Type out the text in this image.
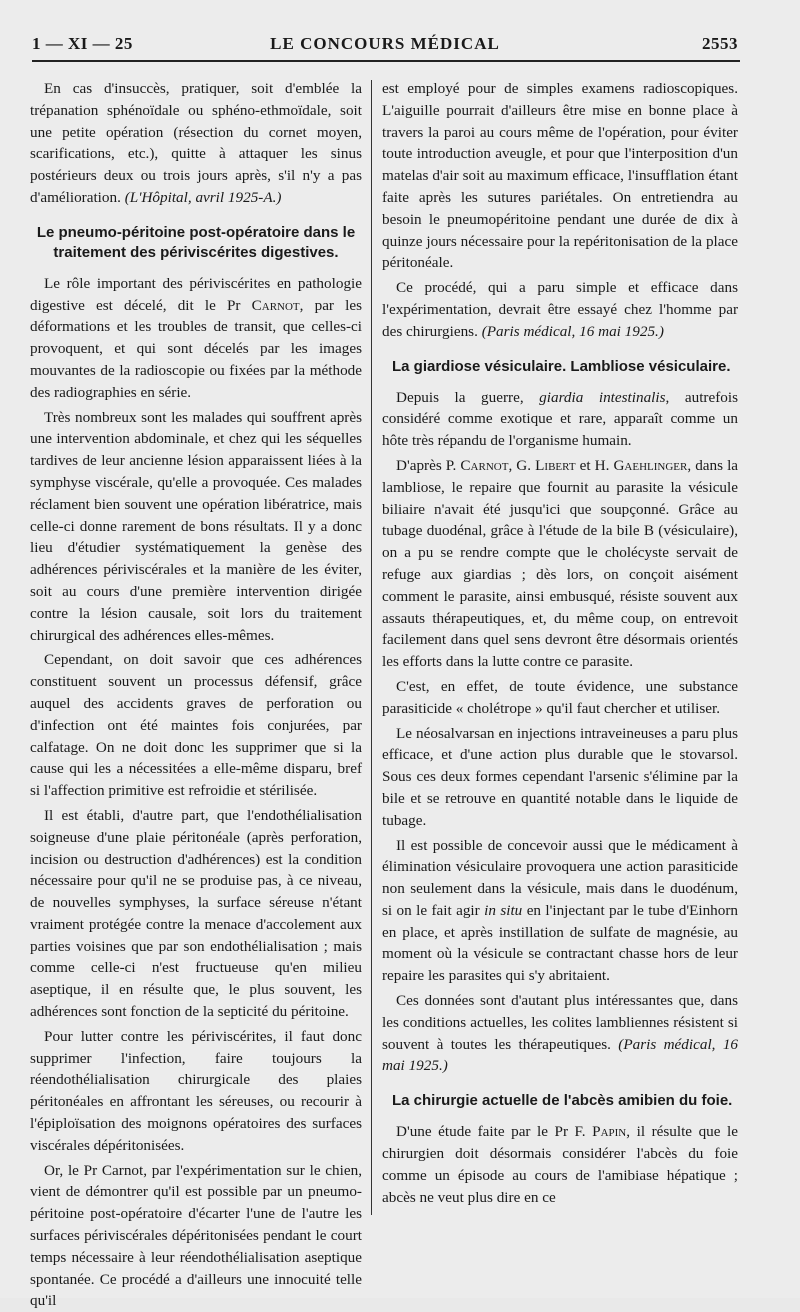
1 — XI — 25	LE CONCOURS MÉDICAL	2553

En cas d'insuccès, pratiquer, soit d'emblée la trépanation sphénoïdale ou sphéno-ethmoïdale, soit une petite opération (résection du cornet moyen, scarifications, etc.), quitte à attaquer les sinus postérieurs deux ou trois jours après, s'il n'y a pas d'amélioration. (L'Hôpital, avril 1925-A.)

Le pneumo-péritoine post-opératoire dans le traitement des périviscérites digestives.

Le rôle important des périviscérites en pathologie digestive est décelé, dit le Pr Carnot, par les déformations et les troubles de transit, que celles-ci provoquent, et qui sont décelés par les images mouvantes de la radioscopie ou fixées par la méthode des radiographies en série.

Très nombreux sont les malades qui souffrent après une intervention abdominale, et chez qui les séquelles tardives de leur ancienne lésion apparaissent liées à la symphyse viscérale, qu'elle a provoquée. Ces malades réclament bien souvent une opération libératrice, mais celle-ci donne rarement de bons résultats. Il y a donc lieu d'étudier systématiquement la genèse des adhérences périviscérales et la manière de les éviter, soit au cours d'une première intervention dirigée contre la lésion causale, soit lors du traitement chirurgical des adhérences elles-mêmes.

Cependant, on doit savoir que ces adhérences constituent souvent un processus défensif, grâce auquel des accidents graves de perforation ou d'infection ont été maintes fois conjurées, par calfatage. On ne doit donc les supprimer que si la cause qui les a nécessitées a elle-même disparu, bref si l'affection primitive est refroidie et stérilisée.

Il est établi, d'autre part, que l'endothélialisation soigneuse d'une plaie péritonéale (après perforation, incision ou destruction d'adhérences) est la condition nécessaire pour qu'il ne se produise pas, à ce niveau, de nouvelles symphyses, la surface séreuse n'étant vraiment protégée contre la menace d'accolement aux parties voisines que par son endothélialisation ; mais comme celle-ci n'est fructueuse qu'en milieu aseptique, il en résulte que, le plus souvent, les adhérences sont fonction de la septicité du péritoine.

Pour lutter contre les périviscérites, il faut donc supprimer l'infection, faire toujours la réendothélialisation chirurgicale des plaies péritonéales en affrontant les séreuses, ou recourir à l'épiploïsation des moignons opératoires des surfaces viscérales dépéritonisées.

Or, le Pr Carnot, par l'expérimentation sur le chien, vient de démontrer qu'il est possible par un pneumo-péritoine post-opératoire d'écarter l'une de l'autre les surfaces périviscérales dépéritonisées pendant le court temps nécessaire à leur réendothélialisation aseptique spontanée. Ce procédé a d'ailleurs une innocuité telle qu'il

est employé pour de simples examens radioscopiques. L'aiguille pourrait d'ailleurs être mise en bonne place à travers la paroi au cours même de l'opération, pour éviter toute introduction aveugle, et pour que l'interposition d'un matelas d'air soit au maximum efficace, l'insufflation étant faite après les sutures pariétales. On entretiendra au besoin le pneumopéritoine pendant une durée de dix à quinze jours nécessaire pour la repéritonisation de la place péritonéale.

Ce procédé, qui a paru simple et efficace dans l'expérimentation, devrait être essayé chez l'homme par des chirurgiens. (Paris médical, 16 mai 1925.)

La giardiose vésiculaire. Lambliose vésiculaire.

Depuis la guerre, giardia intestinalis, autrefois considéré comme exotique et rare, apparaît comme un hôte très répandu de l'organisme humain.

D'après P. Carnot, G. Libert et H. Gaehlinger, dans la lambliose, le repaire que fournit au parasite la vésicule biliaire n'avait été jusqu'ici que soupçonné. Grâce au tubage duodénal, grâce à l'étude de la bile B (vésiculaire), on a pu se rendre compte que le cholécyste servait de refuge aux giardias ; dès lors, on conçoit aisément comment le parasite, ainsi embusqué, résiste souvent aux assauts thérapeutiques, et, du même coup, on entrevoit facilement dans quel sens devront être désormais orientés les efforts dans la lutte contre ce parasite.

C'est, en effet, de toute évidence, une substance parasiticide « cholétrope » qu'il faut chercher et utiliser.

Le néosalvarsan en injections intraveineuses a paru plus efficace, et d'une action plus durable que le stovarsol. Sous ces deux formes cependant l'arsenic s'élimine par la bile et se retrouve en quantité notable dans le liquide de tubage.

Il est possible de concevoir aussi que le médicament à élimination vésiculaire provoquera une action parasiticide non seulement dans la vésicule, mais dans le duodénum, si on le fait agir in situ en l'injectant par le tube d'Einhorn en place, et après instillation de sulfate de magnésie, au moment où la vésicule se contractant chasse hors de leur repaire les parasites qui s'y abritaient.

Ces données sont d'autant plus intéressantes que, dans les conditions actuelles, les colites lambliennes résistent si souvent à toutes les thérapeutiques. (Paris médical, 16 mai 1925.)

La chirurgie actuelle de l'abcès amibien du foie.

D'une étude faite par le Pr F. Papin, il résulte que le chirurgien doit désormais considérer l'abcès du foie comme un épisode au cours de l'amibiase hépatique ; abcès ne veut plus dire en ce
